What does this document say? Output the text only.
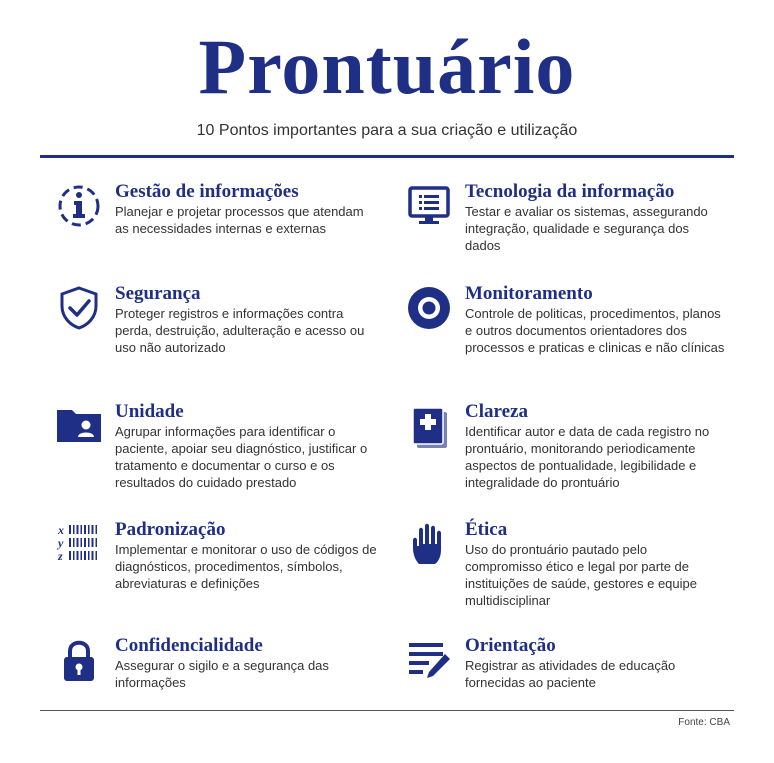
Prontuário
10 Pontos importantes para a sua criação e utilização
Gestão de informações

Planejar e projetar processos que atendam as necessidades internas e externas

Tecnologia da informação

Testar e avaliar os sistemas, assegurando integração, qualidade e segurança dos dados

Segurança

Proteger registros e informações contra perda, destruição, adulteração e acesso ou uso não autorizado

Monitoramento

Controle de politicas, procedimentos, planos e outros documentos orientadores dos processos e praticas e clinicas e não clínicas

Unidade

Agrupar informações para identificar o paciente, apoiar seu diagnóstico, justificar o tratamento e documentar o curso e os resultados do cuidado prestado

Clareza

Identificar autor e data de cada registro no prontuário, monitorando periodicamente aspectos de pontualidade, legibilidade e integralidade do prontuário

x
y
z
Padronização

Implementar e monitorar o uso de códigos de diagnósticos, procedimentos, símbolos, abreviaturas e definições

Ética

Uso do prontuário pautado pelo compromisso ético e legal por parte de instituições de saúde, gestores e equipe multidisciplinar

Confidencialidade

Assegurar o sigilo e a segurança das informações

Orientação

Registrar as atividades de educação fornecidas ao paciente

Fonte: CBA
